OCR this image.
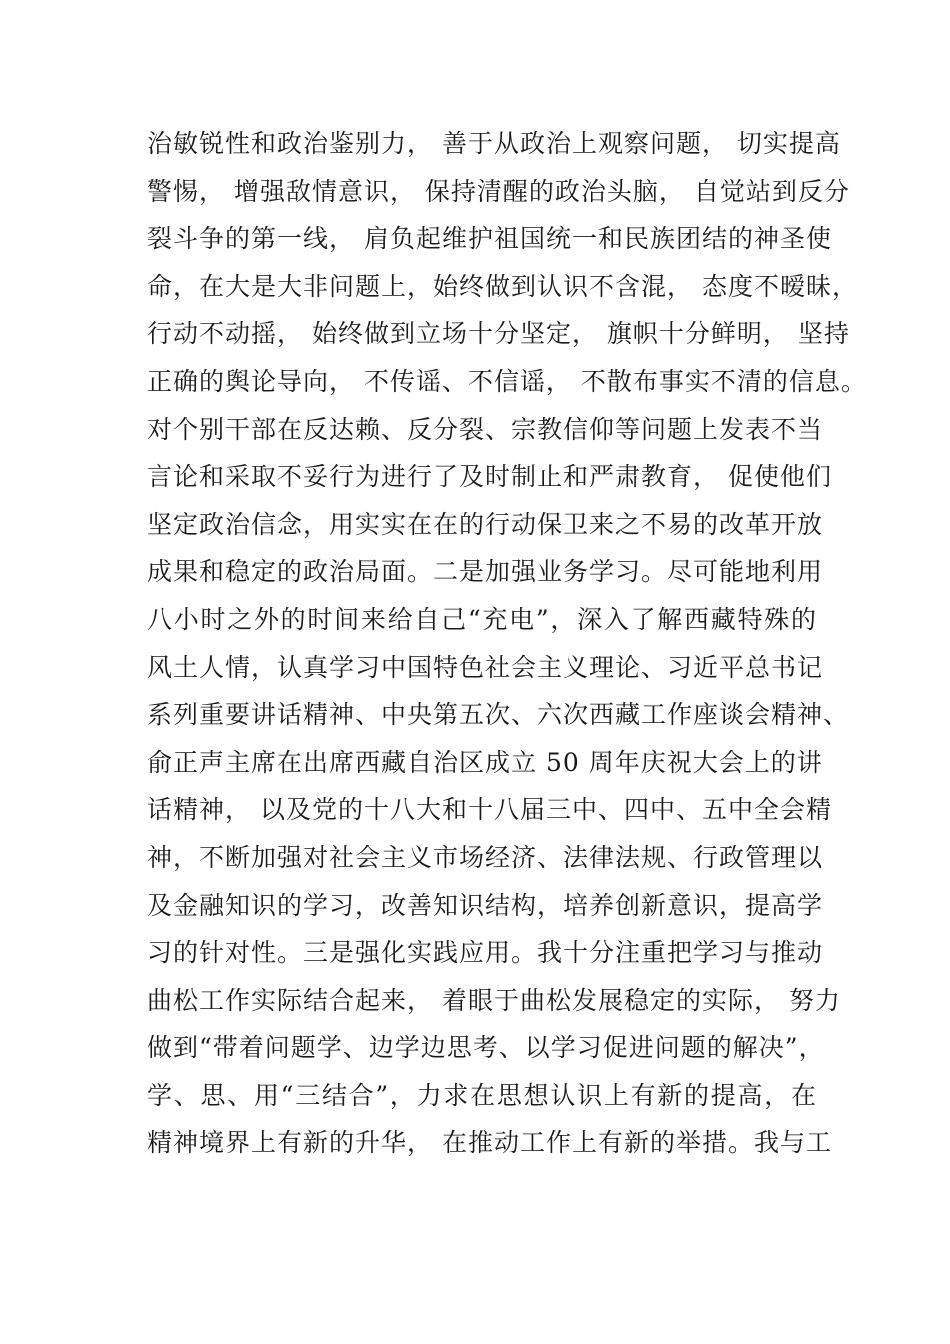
治敏锐性和政治鉴别力， 善于从政治上观察问题， 切实提高
警惕， 增强敌情意识， 保持清醒的政治头脑， 自觉站到反分
裂斗争的第一线， 肩负起维护祖国统一和民族团结的神圣使
命，在大是大非问题上，始终做到认识不含混， 态度不暧昧，
行动不动摇， 始终做到立场十分坚定， 旗帜十分鲜明， 坚持
正确的舆论导向， 不传谣、不信谣， 不散布事实不清的信息。
对个别干部在反达赖、反分裂、宗教信仰等问题上发表不当
言论和采取不妥行为进行了及时制止和严肃教育， 促使他们
坚定政治信念，用实实在在的行动保卫来之不易的改革开放
成果和稳定的政治局面。二是加强业务学习。尽可能地利用
八小时之外的时间来给自己“充电”，深入了解西藏特殊的
风土人情，认真学习中国特色社会主义理论、习近平总书记
系列重要讲话精神、中央第五次、六次西藏工作座谈会精神、
俞正声主席在出席西藏自治区成立 50 周年庆祝大会上的讲
话精神， 以及党的十八大和十八届三中、四中、五中全会精
神，不断加强对社会主义市场经济、法律法规、行政管理以
及金融知识的学习，改善知识结构，培养创新意识，提高学
习的针对性。三是强化实践应用。我十分注重把学习与推动
曲松工作实际结合起来， 着眼于曲松发展稳定的实际， 努力
做到“带着问题学、边学边思考、以学习促进问题的解决”，
学、思、用“三结合”，力求在思想认识上有新的提高，在
精神境界上有新的升华， 在推动工作上有新的举措。我与工
